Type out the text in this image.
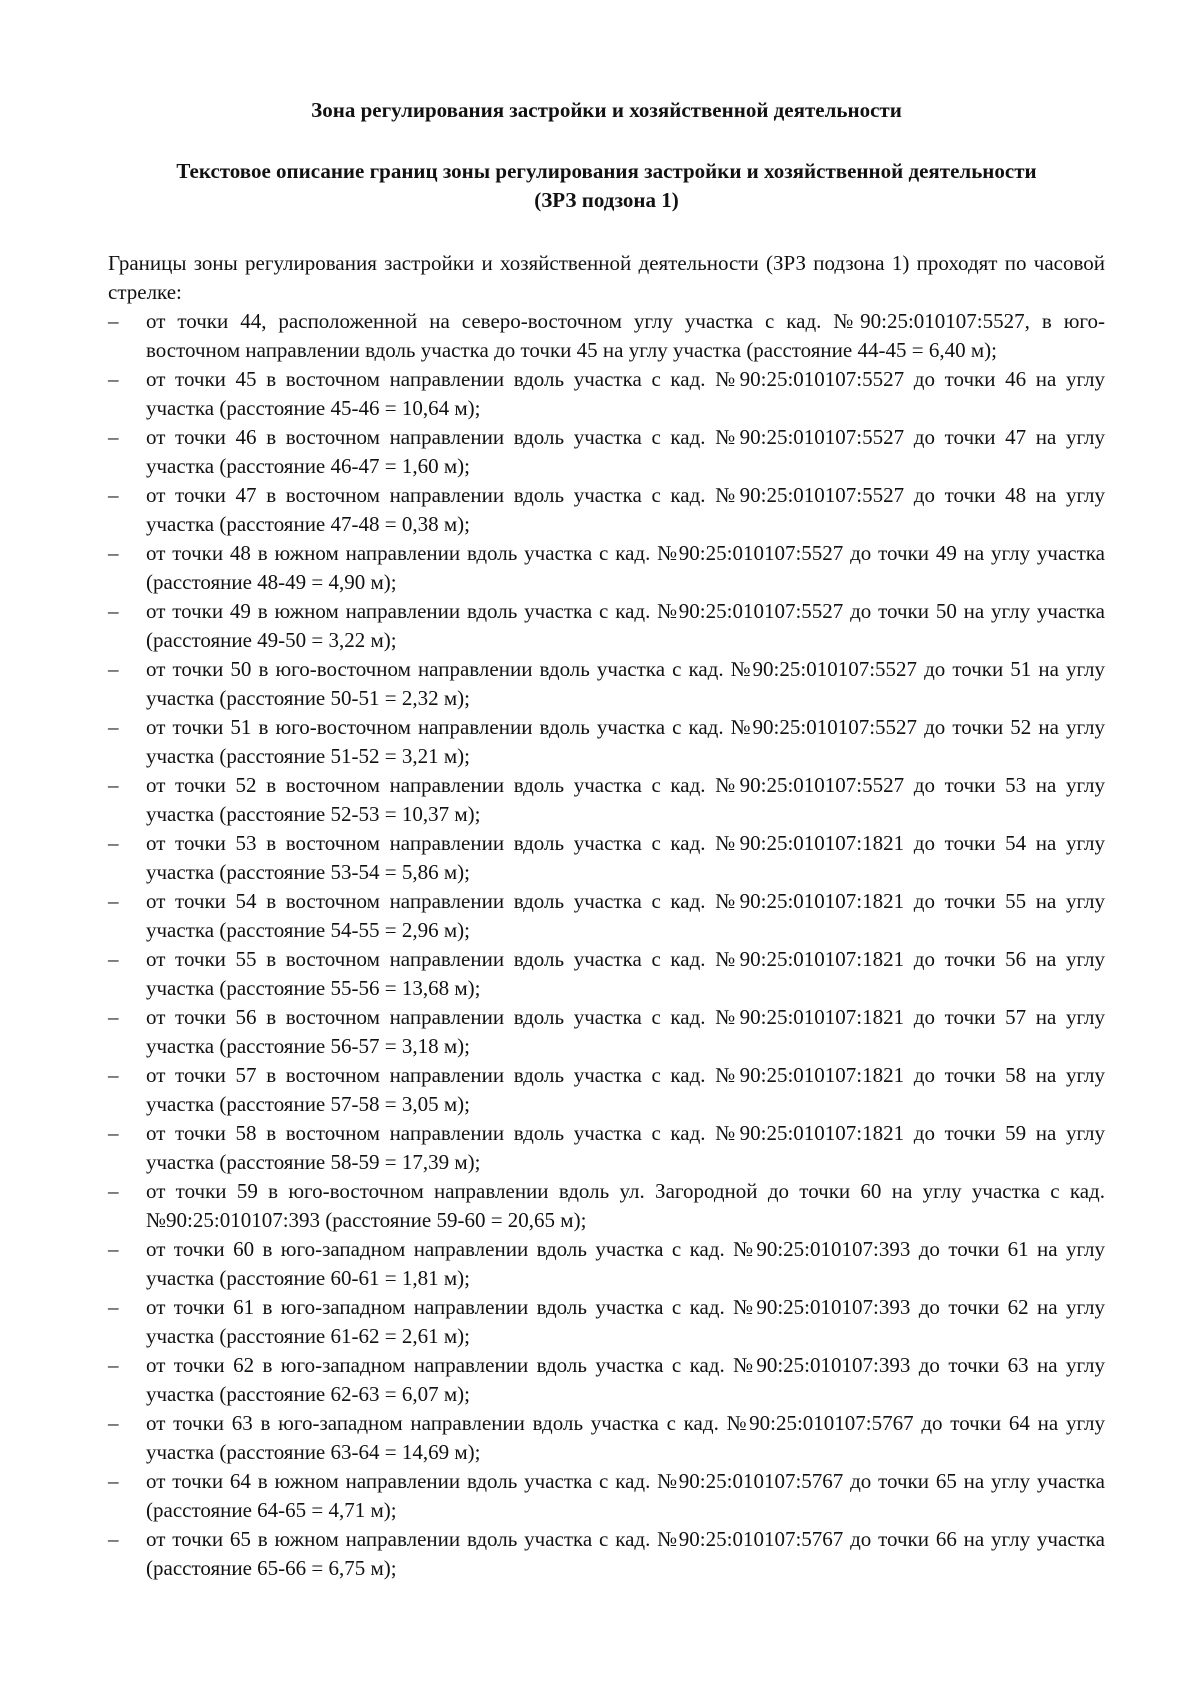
Зона регулирования застройки и хозяйственной деятельности
Текстовое описание границ зоны регулирования застройки и хозяйственной деятельности (ЗРЗ подзона 1)

Границы зоны регулирования застройки и хозяйственной деятельности (ЗРЗ подзона 1) проходят по часовой стрелке:

–	от точки 44, расположенной на северо-восточном углу участка с кад. №90:25:010107:5527, в юго-восточном направлении вдоль участка до точки 45 на углу участка (расстояние 44-45 = 6,40 м);
–	от точки 45 в восточном направлении вдоль участка с кад. №90:25:010107:5527 до точки 46 на углу участка (расстояние 45-46 = 10,64 м);
–	от точки 46 в восточном направлении вдоль участка с кад. №90:25:010107:5527 до точки 47 на углу участка (расстояние 46-47 = 1,60 м);
–	от точки 47 в восточном направлении вдоль участка с кад. №90:25:010107:5527 до точки 48 на углу участка (расстояние 47-48 = 0,38 м);
–	от точки 48 в южном направлении вдоль участка с кад. №90:25:010107:5527 до точки 49 на углу участка (расстояние 48-49 = 4,90 м);
–	от точки 49 в южном направлении вдоль участка с кад. №90:25:010107:5527 до точки 50 на углу участка (расстояние 49-50 = 3,22 м);
–	от точки 50 в юго-восточном направлении вдоль участка с кад. №90:25:010107:5527 до точки 51 на углу участка (расстояние 50-51 = 2,32 м);
–	от точки 51 в юго-восточном направлении вдоль участка с кад. №90:25:010107:5527 до точки 52 на углу участка (расстояние 51-52 = 3,21 м);
–	от точки 52 в восточном направлении вдоль участка с кад. №90:25:010107:5527 до точки 53 на углу участка (расстояние 52-53 = 10,37 м);
–	от точки 53 в восточном направлении вдоль участка с кад. №90:25:010107:1821 до точки 54 на углу участка (расстояние 53-54 = 5,86 м);
–	от точки 54 в восточном направлении вдоль участка с кад. №90:25:010107:1821 до точки 55 на углу участка (расстояние 54-55 = 2,96 м);
–	от точки 55 в восточном направлении вдоль участка с кад. №90:25:010107:1821 до точки 56 на углу участка (расстояние 55-56 = 13,68 м);
–	от точки 56 в восточном направлении вдоль участка с кад. №90:25:010107:1821 до точки 57 на углу участка (расстояние 56-57 = 3,18 м);
–	от точки 57 в восточном направлении вдоль участка с кад. №90:25:010107:1821 до точки 58 на углу участка (расстояние 57-58 = 3,05 м);
–	от точки 58 в восточном направлении вдоль участка с кад. №90:25:010107:1821 до точки 59 на углу участка (расстояние 58-59 = 17,39 м);
–	от точки 59 в юго-восточном направлении вдоль ул. Загородной до точки 60 на углу участка с кад. №90:25:010107:393 (расстояние 59-60 = 20,65 м);
–	от точки 60 в юго-западном направлении вдоль участка с кад. №90:25:010107:393 до точки 61 на углу участка (расстояние 60-61 = 1,81 м);
–	от точки 61 в юго-западном направлении вдоль участка с кад. №90:25:010107:393 до точки 62 на углу участка (расстояние 61-62 = 2,61 м);
–	от точки 62 в юго-западном направлении вдоль участка с кад. №90:25:010107:393 до точки 63 на углу участка (расстояние 62-63 = 6,07 м);
–	от точки 63 в юго-западном направлении вдоль участка с кад. №90:25:010107:5767 до точки 64 на углу участка (расстояние 63-64 = 14,69 м);
–	от точки 64 в южном направлении вдоль участка с кад. №90:25:010107:5767 до точки 65 на углу участка (расстояние 64-65 = 4,71 м);
–	от точки 65 в южном направлении вдоль участка с кад. №90:25:010107:5767 до точки 66 на углу участка (расстояние 65-66 = 6,75 м);
